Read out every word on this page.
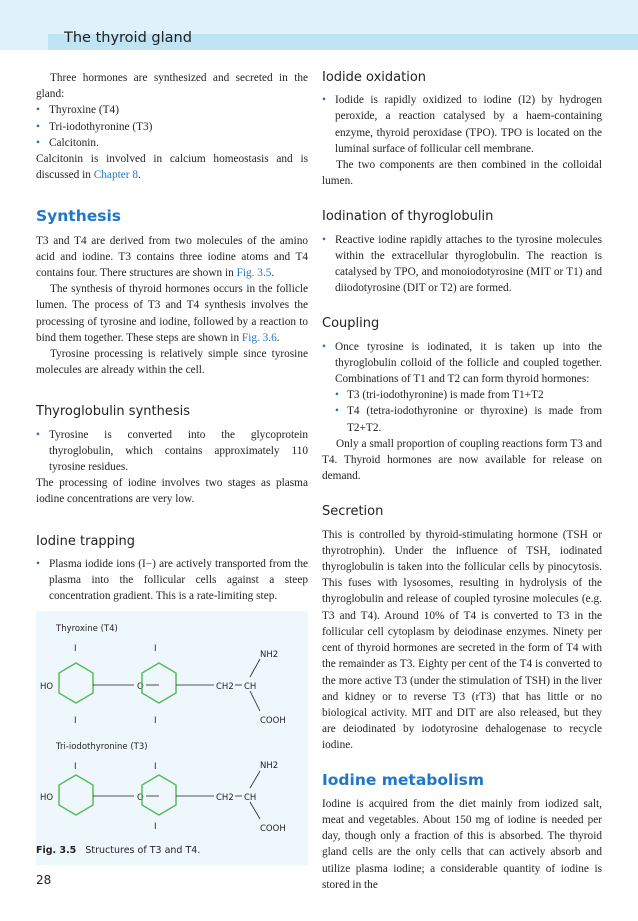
The thyroid gland

Three hormones are synthesized and secreted in the gland:

• Thyroxine (T4)
• Tri-iodothyronine (T3)
• Calcitonin.

Calcitonin is involved in calcium homeostasis and is discussed in Chapter 8.

Synthesis

T3 and T4 are derived from two molecules of the amino acid and iodine. T3 contains three iodine atoms and T4 contains four. There structures are shown in Fig. 3.5.

The synthesis of thyroid hormones occurs in the follicle lumen. The process of T3 and T4 synthesis involves the processing of tyrosine and iodine, followed by a reaction to bind them together. These steps are shown in Fig. 3.6.

Tyrosine processing is relatively simple since tyrosine molecules are already within the cell.

Thyroglobulin synthesis
• Tyrosine is converted into the glycoprotein thyroglobulin, which contains approximately 110 tyrosine residues.

The processing of iodine involves two stages as plasma iodine concentrations are very low.

Iodine trapping
• Plasma iodide ions (I−) are actively transported from the plasma into the follicular cells against a steep concentration gradient. This is a rate-limiting step.
Thyroxine (T4)
I	I
I	I
HO	O	CH2 CH
NH2
COOH
Tri-iodothyronine (T3)
I	I
I
HO	O	CH2 CH
NH2
COOH
Fig. 3.5 Structures of T3 and T4.
28
Iodide oxidation
• Iodide is rapidly oxidized to iodine (I2) by hydrogen peroxide, a reaction catalysed by a haem-containing enzyme, thyroid peroxidase (TPO). TPO is located on the luminal surface of follicular cell membrane.

The two components are then combined in the colloidal lumen.

Iodination of thyroglobulin
• Reactive iodine rapidly attaches to the tyrosine molecules within the extracellular thyroglobulin. The reaction is catalysed by TPO, and monoiodotyrosine (MIT or T1) and diiodotyrosine (DIT or T2) are formed.
Coupling
• Once tyrosine is iodinated, it is taken up into the thyroglobulin colloid of the follicle and coupled together. Combinations of T1 and T2 can form thyroid hormones:
• T3 (tri-iodothyronine) is made from T1+T2
• T4 (tetra-iodothyronine or thyroxine) is made from T2+T2.

Only a small proportion of coupling reactions form T3 and T4. Thyroid hormones are now available for release on demand.

Secretion

This is controlled by thyroid-stimulating hormone (TSH or thyrotrophin). Under the influence of TSH, iodinated thyroglobulin is taken into the follicular cells by pinocytosis. This fuses with lysosomes, resulting in hydrolysis of the thyroglobulin and release of coupled tyrosine molecules (e.g. T3 and T4). Around 10% of T4 is converted to T3 in the follicular cell cytoplasm by deiodinase enzymes. Ninety per cent of thyroid hormones are secreted in the form of T4 with the remainder as T3. Eighty per cent of the T4 is converted to the more active T3 (under the stimulation of TSH) in the liver and kidney or to reverse T3 (rT3) that has little or no biological activity. MIT and DIT are also released, but they are deiodinated by iodotyrosine dehalogenase to recycle iodine.

Iodine metabolism

Iodine is acquired from the diet mainly from iodized salt, meat and vegetables. About 150 mg of iodine is needed per day, though only a fraction of this is absorbed. The thyroid gland cells are the only cells that can actively absorb and utilize plasma iodine; a considerable quantity of iodine is stored in the
